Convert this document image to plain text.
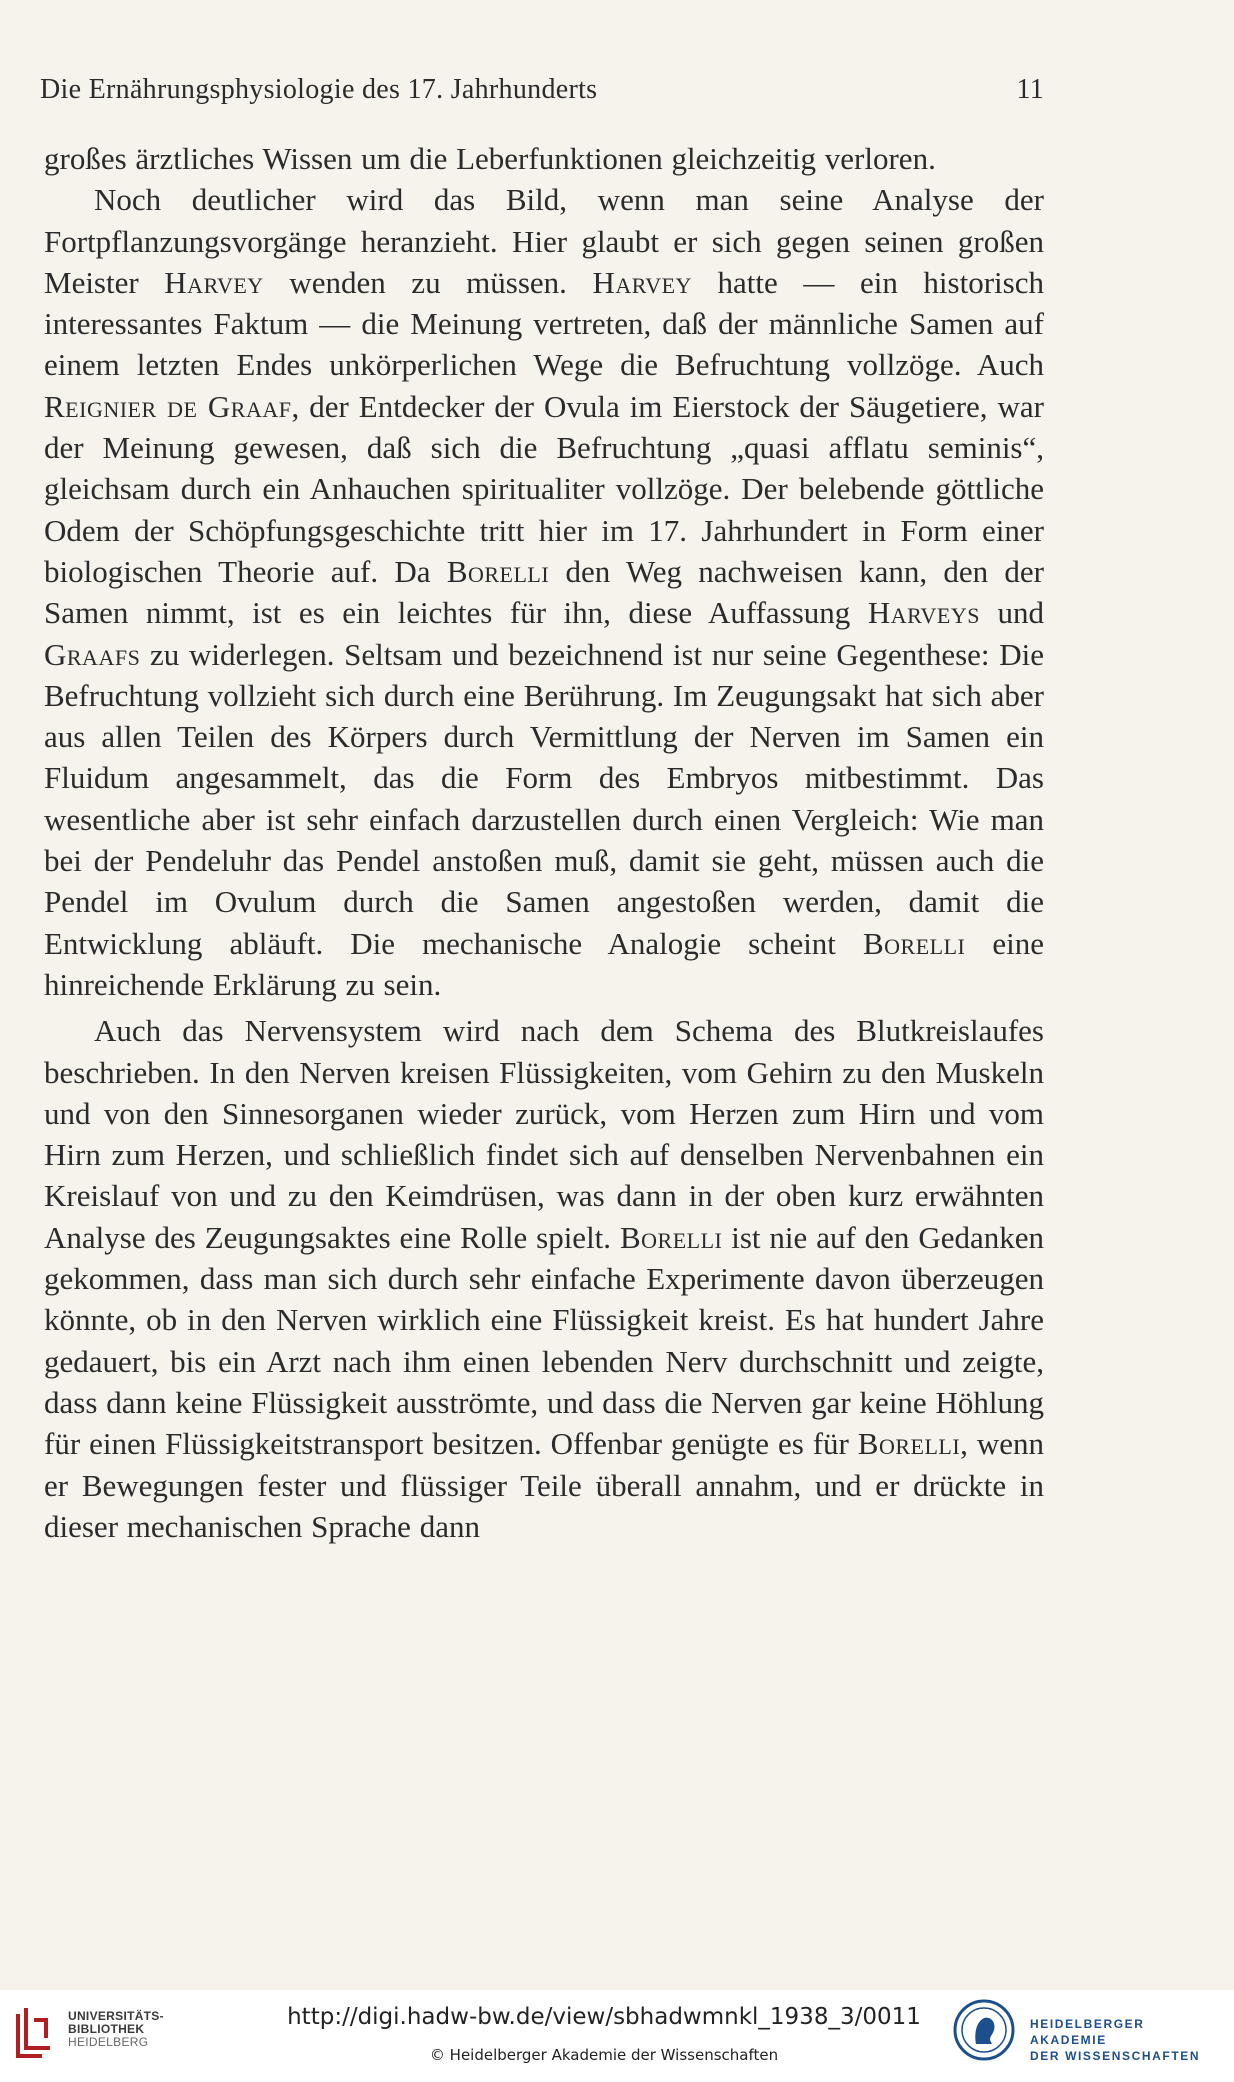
Die Ernährungsphysiologie des 17. Jahrhunderts	11

großes ärztliches Wissen um die Leberfunktionen gleichzeitig verloren.

Noch deutlicher wird das Bild, wenn man seine Analyse der Fortpflanzungsvorgänge heranzieht. Hier glaubt er sich gegen seinen großen Meister Harvey wenden zu müssen. Harvey hatte — ein historisch interessantes Faktum — die Meinung vertreten, daß der männliche Samen auf einem letzten Endes unkörperlichen Wege die Befruchtung vollzöge. Auch Reignier de Graaf, der Entdecker der Ovula im Eierstock der Säugetiere, war der Meinung gewesen, daß sich die Befruchtung „quasi afflatu seminis“, gleichsam durch ein Anhauchen spiritualiter vollzöge. Der belebende göttliche Odem der Schöpfungsgeschichte tritt hier im 17. Jahrhundert in Form einer biologischen Theorie auf. Da Borelli den Weg nachweisen kann, den der Samen nimmt, ist es ein leichtes für ihn, diese Auffassung Harveys und Graafs zu widerlegen. Seltsam und bezeichnend ist nur seine Gegenthese: Die Befruchtung vollzieht sich durch eine Berührung. Im Zeugungsakt hat sich aber aus allen Teilen des Körpers durch Vermittlung der Nerven im Samen ein Fluidum angesammelt, das die Form des Embryos mitbestimmt. Das wesentliche aber ist sehr einfach darzustellen durch einen Vergleich: Wie man bei der Pendeluhr das Pendel anstoßen muß, damit sie geht, müssen auch die Pendel im Ovulum durch die Samen angestoßen werden, damit die Entwicklung abläuft. Die mechanische Analogie scheint Borelli eine hinreichende Erklärung zu sein.

Auch das Nervensystem wird nach dem Schema des Blutkreislaufes beschrieben. In den Nerven kreisen Flüssigkeiten, vom Gehirn zu den Muskeln und von den Sinnesorganen wieder zurück, vom Herzen zum Hirn und vom Hirn zum Herzen, und schließlich findet sich auf denselben Nervenbahnen ein Kreislauf von und zu den Keimdrüsen, was dann in der oben kurz erwähnten Analyse des Zeugungsaktes eine Rolle spielt. Borelli ist nie auf den Gedanken gekommen, dass man sich durch sehr einfache Experimente davon überzeugen könnte, ob in den Nerven wirklich eine Flüssigkeit kreist. Es hat hundert Jahre gedauert, bis ein Arzt nach ihm einen lebenden Nerv durchschnitt und zeigte, dass dann keine Flüssigkeit ausströmte, und dass die Nerven gar keine Höhlung für einen Flüssigkeitstransport besitzen. Offenbar genügte es für Borelli, wenn er Bewegungen fester und flüssiger Teile überall annahm, und er drückte in dieser mechanischen Sprache dann

UNIVERSITÄTS-
BIBLIOTHEK
HEIDELBERG
http://digi.hadw-bw.de/view/sbhadwmnkl_1938_3/0011
© Heidelberger Akademie der Wissenschaften
HEIDELBERGER AKADEMIE
DER WISSENSCHAFTEN
